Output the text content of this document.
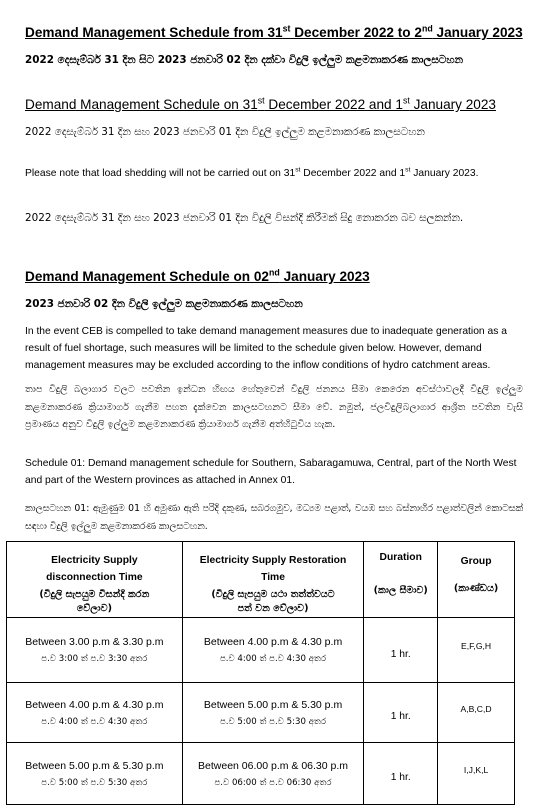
Demand Management Schedule from 31st December 2022 to 2nd January 2023
2022 දෙසැම්බර් 31 දින සිට 2023 ජනවාරි 02 දින දක්වා විදුලි ඉල්ලුම කළමනාකරණ කාලසටහන
Demand Management Schedule on 31st December 2022 and 1st January 2023
2022 දෙසැම්බර් 31 දින සහ 2023 ජනවාරි 01 දින විදුලි ඉල්ලුම කළමනාකරණ කාලසටහන
Please note that load shedding will not be carried out on 31st December 2022 and 1st January 2023.
2022 දෙසැම්බර් 31 දින සහ 2023 ජනවාරි 01 දින විදුලි විසන්දි කිරීමක් සිදු නොකරන බව සලකන්න.
Demand Management Schedule on 02nd January 2023
2023 ජනවාරි 02 දින විදුලි ඉල්ලුම කළමනාකරණ කාලසටහන
In the event CEB is compelled to take demand management measures due to inadequate generation as a result of fuel shortage, such measures will be limited to the schedule given below. However, demand management measures may be excluded according to the inflow conditions of hydro catchment areas.
තාප විදුලි බලාගාර වලට පවතින ඉන්ධන හිඟය හේතුවෙන් විදුලි ජනනය සීමා කෙරෙන අවස්ථාවලදී විදුලි ඉල්ලුම කළමනාකරණ ක්‍රියාමාර්ග ගැනීම පහත දැක්වෙන කාලසටහනට සීමා වේ. නමුත්, ජලවිදුලිබලාගාර ආශ්‍රිත පවතින වැසි ප්‍රමාණය අනුව විදුලි ඉල්ලුම කළමනාකරණ ක්‍රියාමාර්ග ගැනීම අත්හිටුවිය හැක.
Schedule 01: Demand management schedule for Southern, Sabaragamuwa, Central, part of the North West and part of the Western provinces as attached in Annex 01.
කාලසටහන 01: ඇමුණුම 01 හි අමුණා ඇති පරිදි දකුණ, සබරගමුව, මධ්‍යම පළාත්, වයඹ සහ බස්නාහිර පළාත්වලින් කොටසක් සඳහා විදුලි ඉල්ලුම කළමනාකරණ කාලසටහන.
Electricity Supply disconnection Time
(විදුලි සැපයුම විසන්දි කරන වේලාව)	Electricity Supply Restoration Time
(විදුලි සැපයුම යථා තත්ත්වයට පත් වන වේලාව)	Duration
(කාල සීමාව)	Group
(කාණ්ඩය)

Between 3.00 p.m & 3.30 p.m
ප.ව 3:00 ත් ප.ව 3:30 අතර	Between 4.00 p.m & 4.30 p.m
ප.ව 4:00 ත් ප.ව 4:30 අතර	1 hr.	E,F,G,H

Between 4.00 p.m & 4.30 p.m
ප.ව 4:00 ත් ප.ව 4:30 අතර	Between 5.00 p.m & 5.30 p.m
ප.ව 5:00 ත් ප.ව 5:30 අතර	1 hr.	A,B,C,D

Between 5.00 p.m & 5.30 p.m
ප.ව 5:00 ත් ප.ව 5:30 අතර	Between 06.00 p.m & 06.30 p.m
ප.ව 06:00 ත් ප.ව 06:30 අතර	1 hr.	I,J,K,L
